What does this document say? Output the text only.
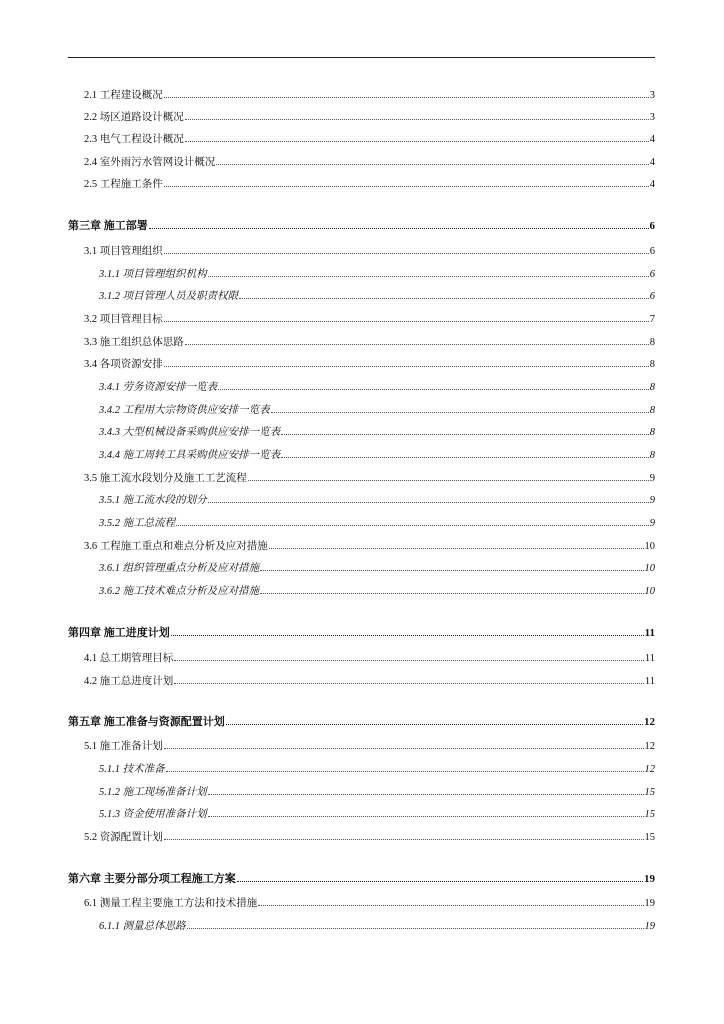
2.1 工程建设概况	3
2.2 场区道路设计概况	3
2.3 电气工程设计概况	4
2.4 室外雨污水管网设计概况	4
2.5 工程施工条件	4
第三章 施工部署	6
3.1 项目管理组织	6
3.1.1 项目管理组织机构	6
3.1.2 项目管理人员及职责权限	6
3.2 项目管理目标	7
3.3 施工组织总体思路	8
3.4 各项资源安排	8
3.4.1 劳务资源安排一览表	8
3.4.2 工程用大宗物资供应安排一览表	8
3.4.3 大型机械设备采购供应安排一览表	8
3.4.4 施工周转工具采购供应安排一览表	8
3.5 施工流水段划分及施工工艺流程	9
3.5.1 施工流水段的划分	9
3.5.2 施工总流程	9
3.6 工程施工重点和难点分析及应对措施	10
3.6.1 组织管理重点分析及应对措施	10
3.6.2 施工技术难点分析及应对措施	10
第四章 施工进度计划	11
4.1 总工期管理目标	11
4.2 施工总进度计划	11
第五章 施工准备与资源配置计划	12
5.1 施工准备计划	12
5.1.1 技术准备	12
5.1.2 施工现场准备计划	15
5.1.3 资金使用准备计划	15
5.2 资源配置计划	15
第六章 主要分部分项工程施工方案	19
6.1 测量工程主要施工方法和技术措施	19
6.1.1 测量总体思路	19
